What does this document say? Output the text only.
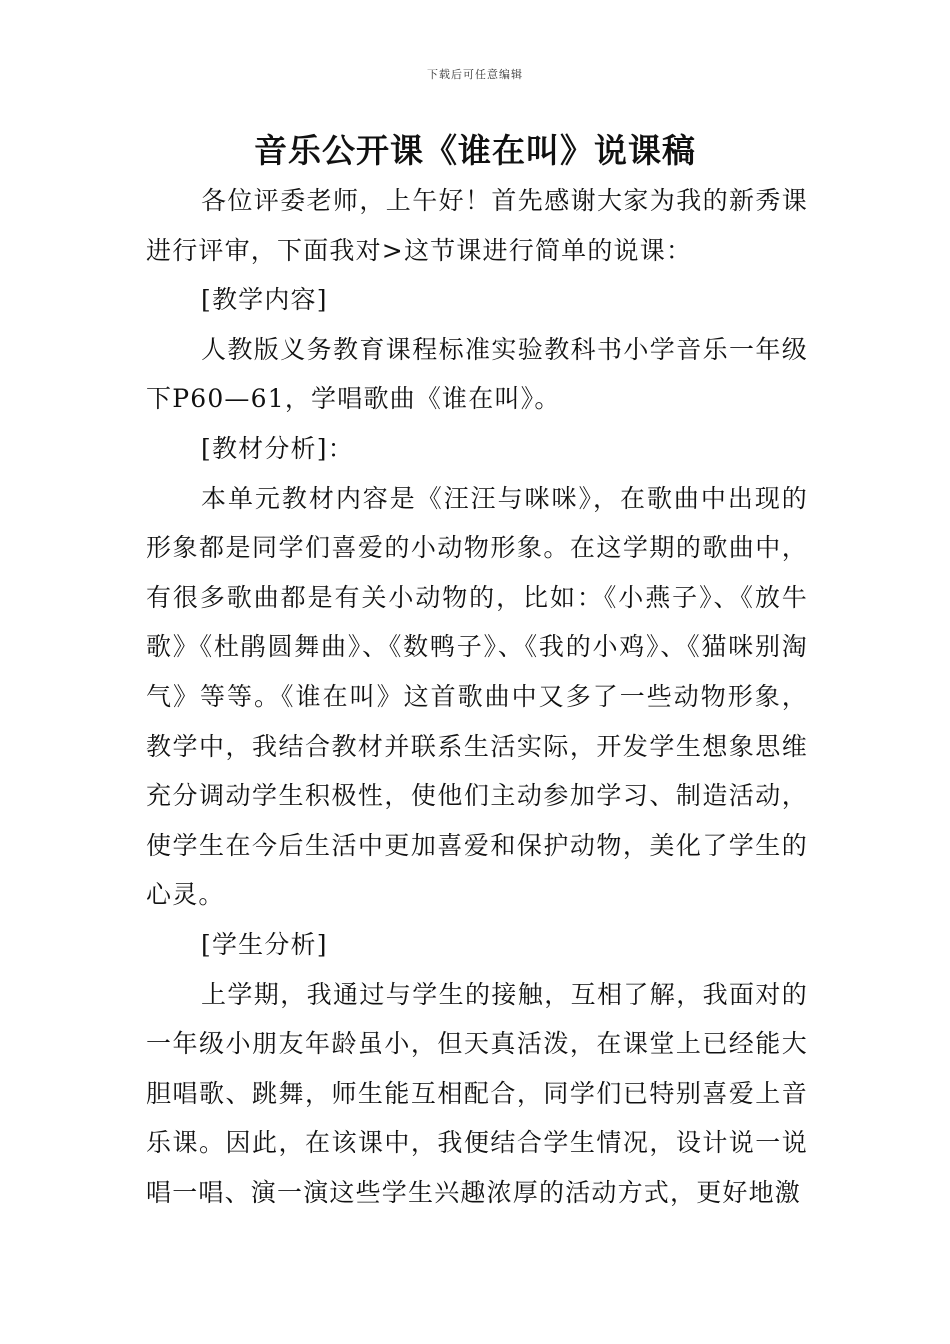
下载后可任意编辑
音乐公开课《谁在叫》说课稿

各位评委老师，上午好！首先感谢大家为我的新秀课进行评审，下面我对>这节课进行简单的说课：

[教学内容]

人教版义务教育课程标准实验教科书小学音乐一年级下P60—61，学唱歌曲《谁在叫》。

[教材分析]：

本单元教材内容是《汪汪与咪咪》，在歌曲中出现的形象都是同学们喜爱的小动物形象。在这学期的歌曲中，有很多歌曲都是有关小动物的，比如：《小燕子》、《放牛歌》《杜鹃圆舞曲》、《数鸭子》、《我的小鸡》、《猫咪别淘气》等等。《谁在叫》这首歌曲中又多了一些动物形象，教学中，我结合教材并联系生活实际，开发学生想象思维充分调动学生积极性，使他们主动参加学习、制造活动，使学生在今后生活中更加喜爱和保护动物，美化了学生的心灵。

[学生分析]

上学期，我通过与学生的接触，互相了解，我面对的一年级小朋友年龄虽小，但天真活泼，在课堂上已经能大胆唱歌、跳舞，师生能互相配合，同学们已特别喜爱上音乐课。因此，在该课中，我便结合学生情况，设计说一说唱一唱、演一演这些学生兴趣浓厚的活动方式，更好地激
